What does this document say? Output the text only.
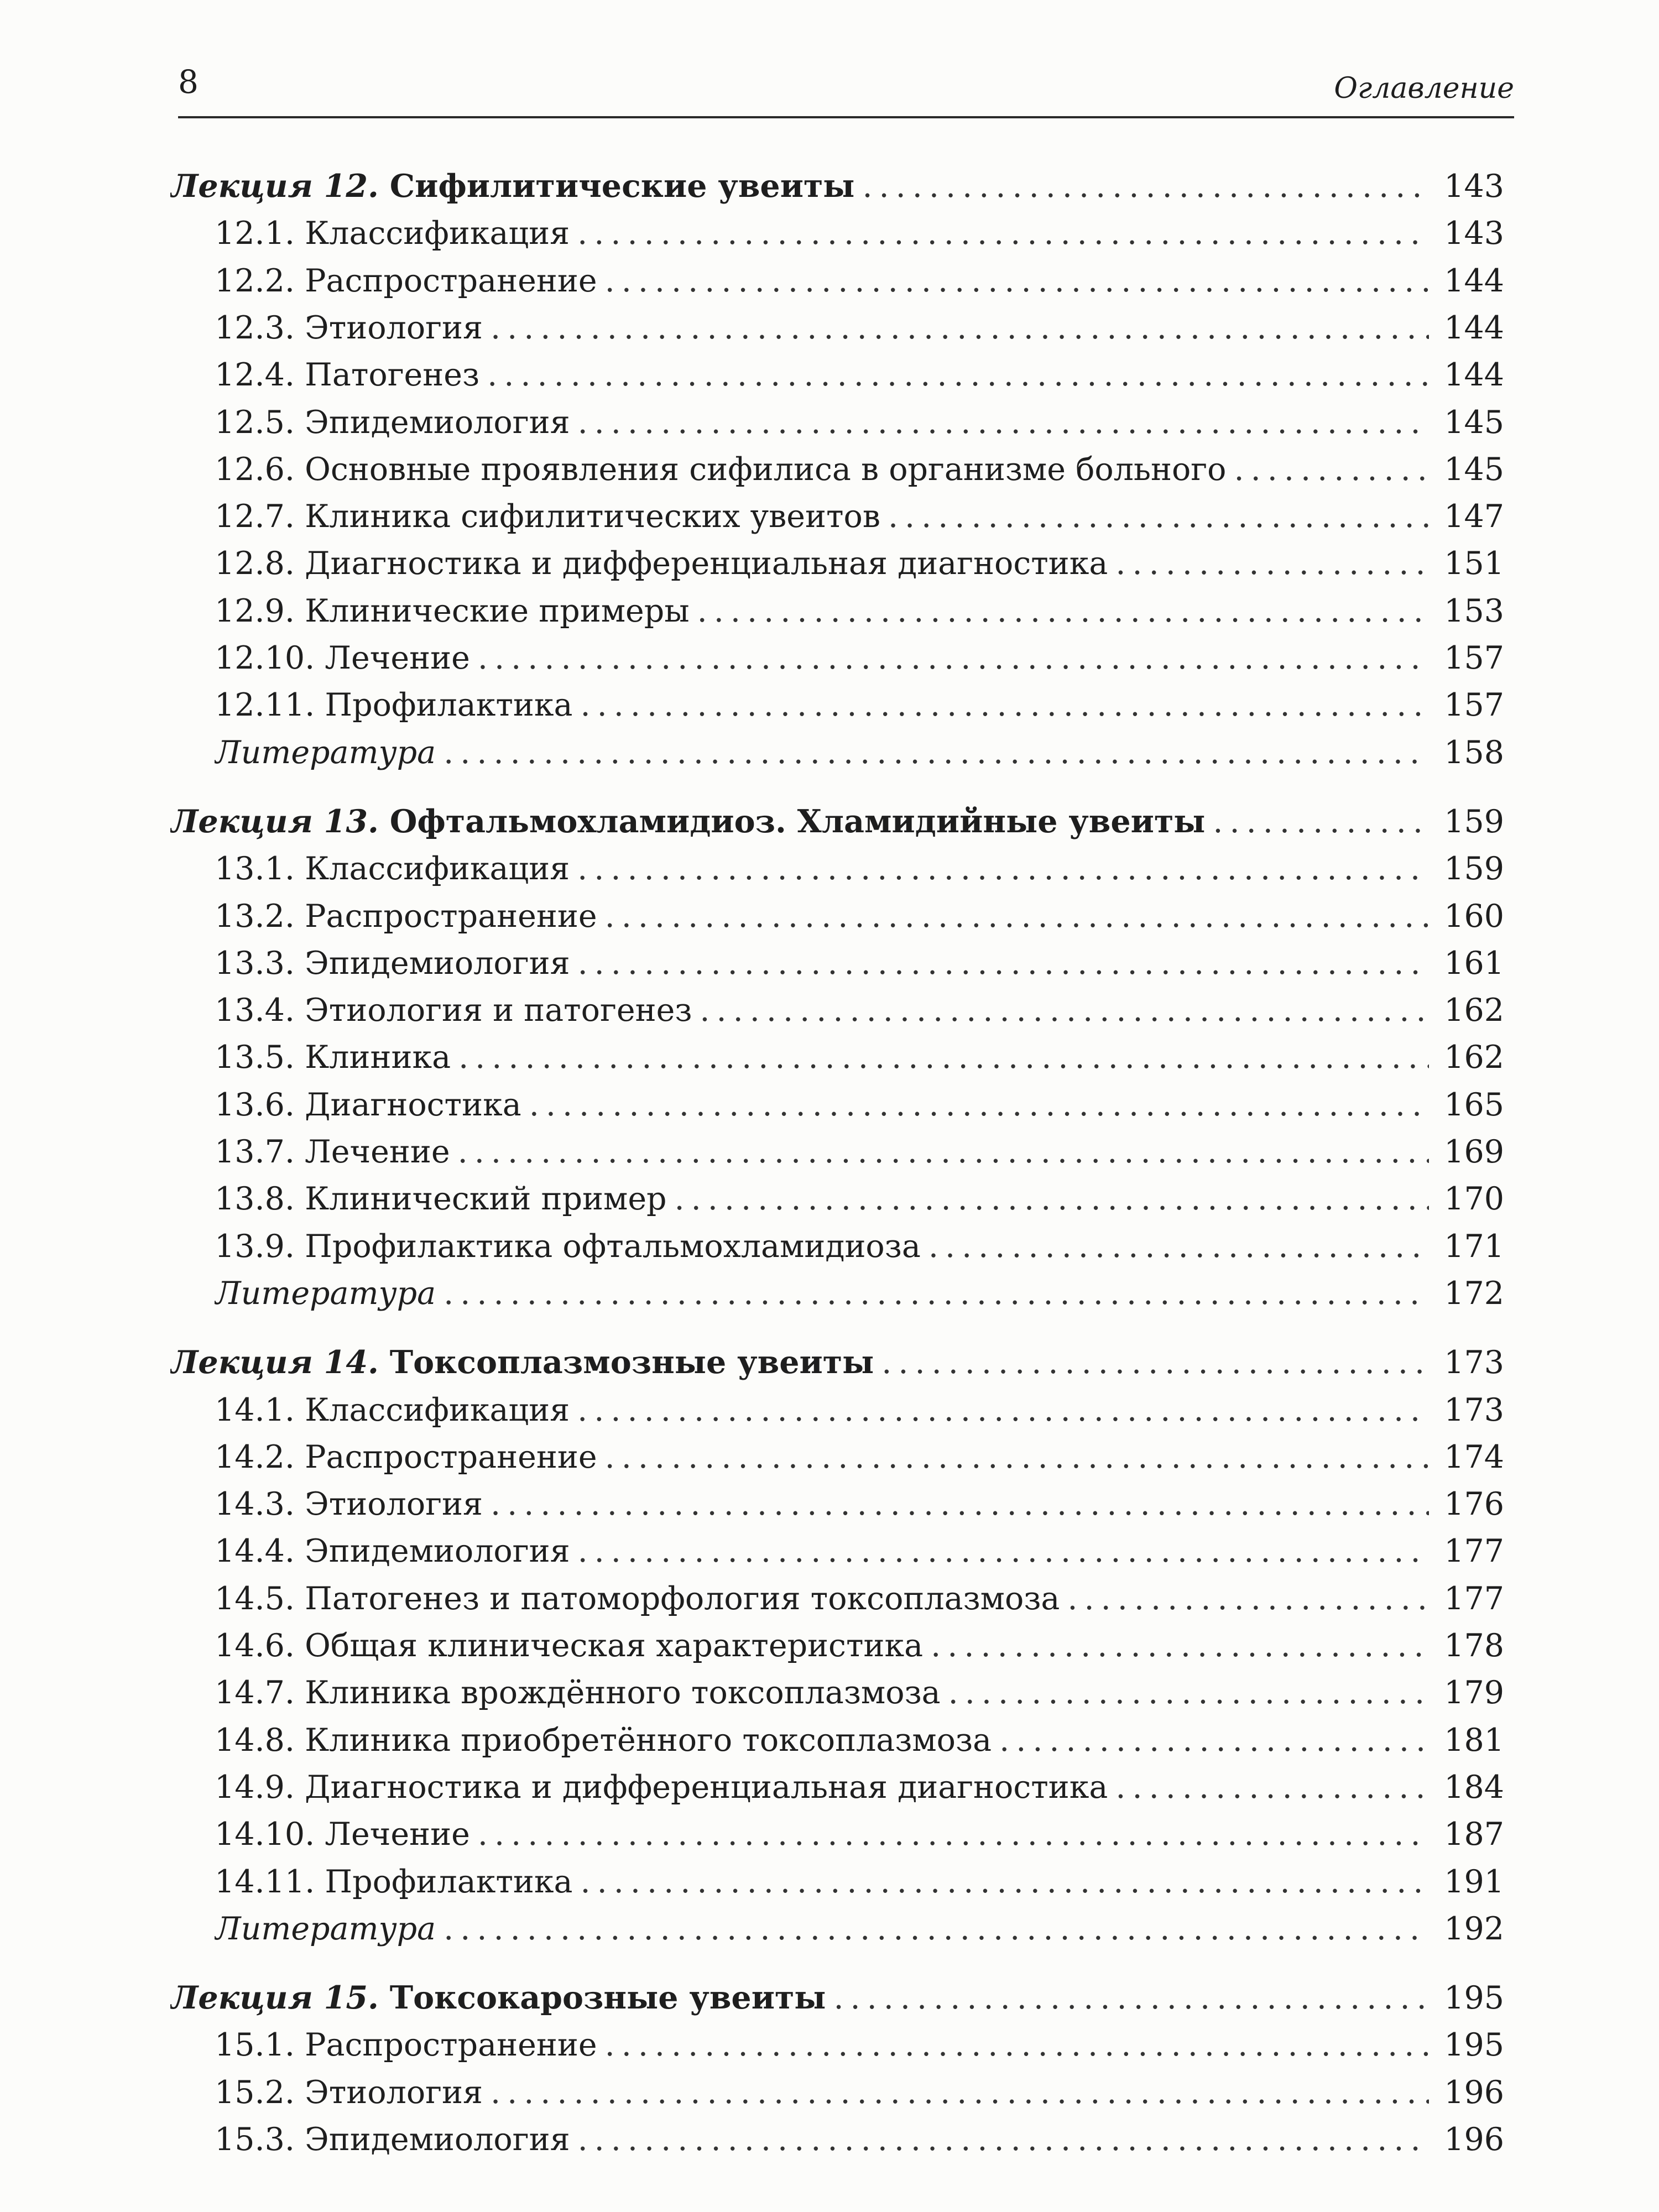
8	Оглавление
Лекция 12. Сифилитические увеиты .....	143
12.1. Классификация .....	143
12.2. Распространение .....	144
12.3. Этиология .....	144
12.4. Патогенез .....	144
12.5. Эпидемиология .....	145
12.6. Основные проявления сифилиса в организме больного .....	145
12.7. Клиника сифилитических увеитов .....	147
12.8. Диагностика и дифференциальная диагностика .....	151
12.9. Клинические примеры .....	153
12.10. Лечение .....	157
12.11. Профилактика .....	157
Литература .....	158
Лекция 13. Офтальмохламидиоз. Хламидийные увеиты .....	159
13.1. Классификация .....	159
13.2. Распространение .....	160
13.3. Эпидемиология .....	161
13.4. Этиология и патогенез .....	162
13.5. Клиника .....	162
13.6. Диагностика .....	165
13.7. Лечение .....	169
13.8. Клинический пример .....	170
13.9. Профилактика офтальмохламидиоза .....	171
Литература .....	172
Лекция 14. Токсоплазмозные увеиты .....	173
14.1. Классификация .....	173
14.2. Распространение .....	174
14.3. Этиология .....	176
14.4. Эпидемиология .....	177
14.5. Патогенез и патоморфология токсоплазмоза .....	177
14.6. Общая клиническая характеристика .....	178
14.7. Клиника врождённого токсоплазмоза .....	179
14.8. Клиника приобретённого токсоплазмоза .....	181
14.9. Диагностика и дифференциальная диагностика .....	184
14.10. Лечение .....	187
14.11. Профилактика .....	191
Литература .....	192
Лекция 15. Токсокарозные увеиты .....	195
15.1. Распространение .....	195
15.2. Этиология .....	196
15.3. Эпидемиология .....	196
